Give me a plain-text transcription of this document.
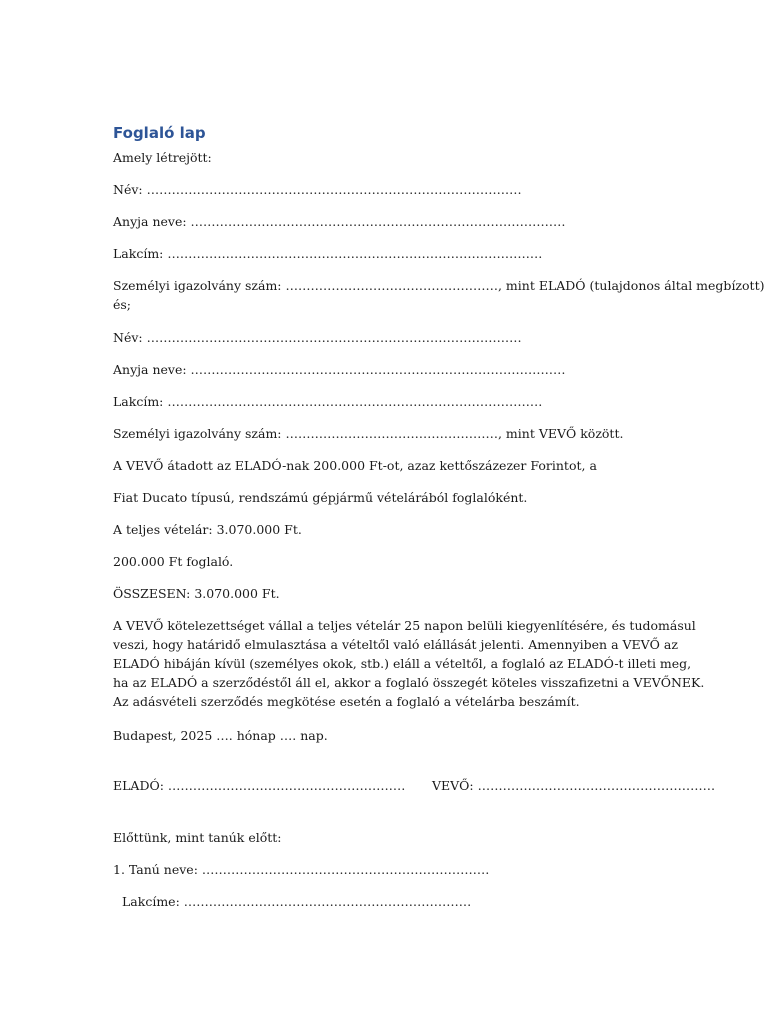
Foglaló lap
Amely létrejött:
Név: ………………………………………………………………………………
Anyja neve: ………………………………………………………………………………
Lakcím: ………………………………………………………………………………
Személyi igazolvány szám: ……………………………………………, mint ELADÓ (tulajdonos által megbízott)
és;
Név: ………………………………………………………………………………
Anyja neve: ………………………………………………………………………………
Lakcím: ………………………………………………………………………………
Személyi igazolvány szám: ……………………………………………, mint VEVŐ között.
A VEVŐ átadott az ELADÓ-nak 200.000 Ft-ot, azaz kettőszázezer Forintot, a
Fiat Ducato típusú, rendszámú gépjármű vételárából foglalóként.
A teljes vételár: 3.070.000 Ft.
200.000 Ft foglaló.
ÖSSZESEN: 3.070.000 Ft.
A VEVŐ kötelezettséget vállal a teljes vételár 25 napon belüli kiegyenlítésére, és tudomásul
veszi, hogy határidő elmulasztása a vételtől való elállását jelenti. Amennyiben a VEVŐ az
ELADÓ hibáján kívül (személyes okok, stb.) eláll a vételtől, a foglaló az ELADÓ-t illeti meg,
ha az ELADÓ a szerződéstől áll el, akkor a foglaló összegét köteles visszafizetni a VEVŐNEK.
Az adásvételi szerződés megkötése esetén a foglaló a vételárba beszámít.
Budapest, 2025 …. hónap …. nap.
ELADÓ: ………………………………………………… VEVŐ: …………………………………………………
Előttünk, mint tanúk előtt:
1. Tanú neve: ……………………………………………………………
Lakcíme: ……………………………………………………………
